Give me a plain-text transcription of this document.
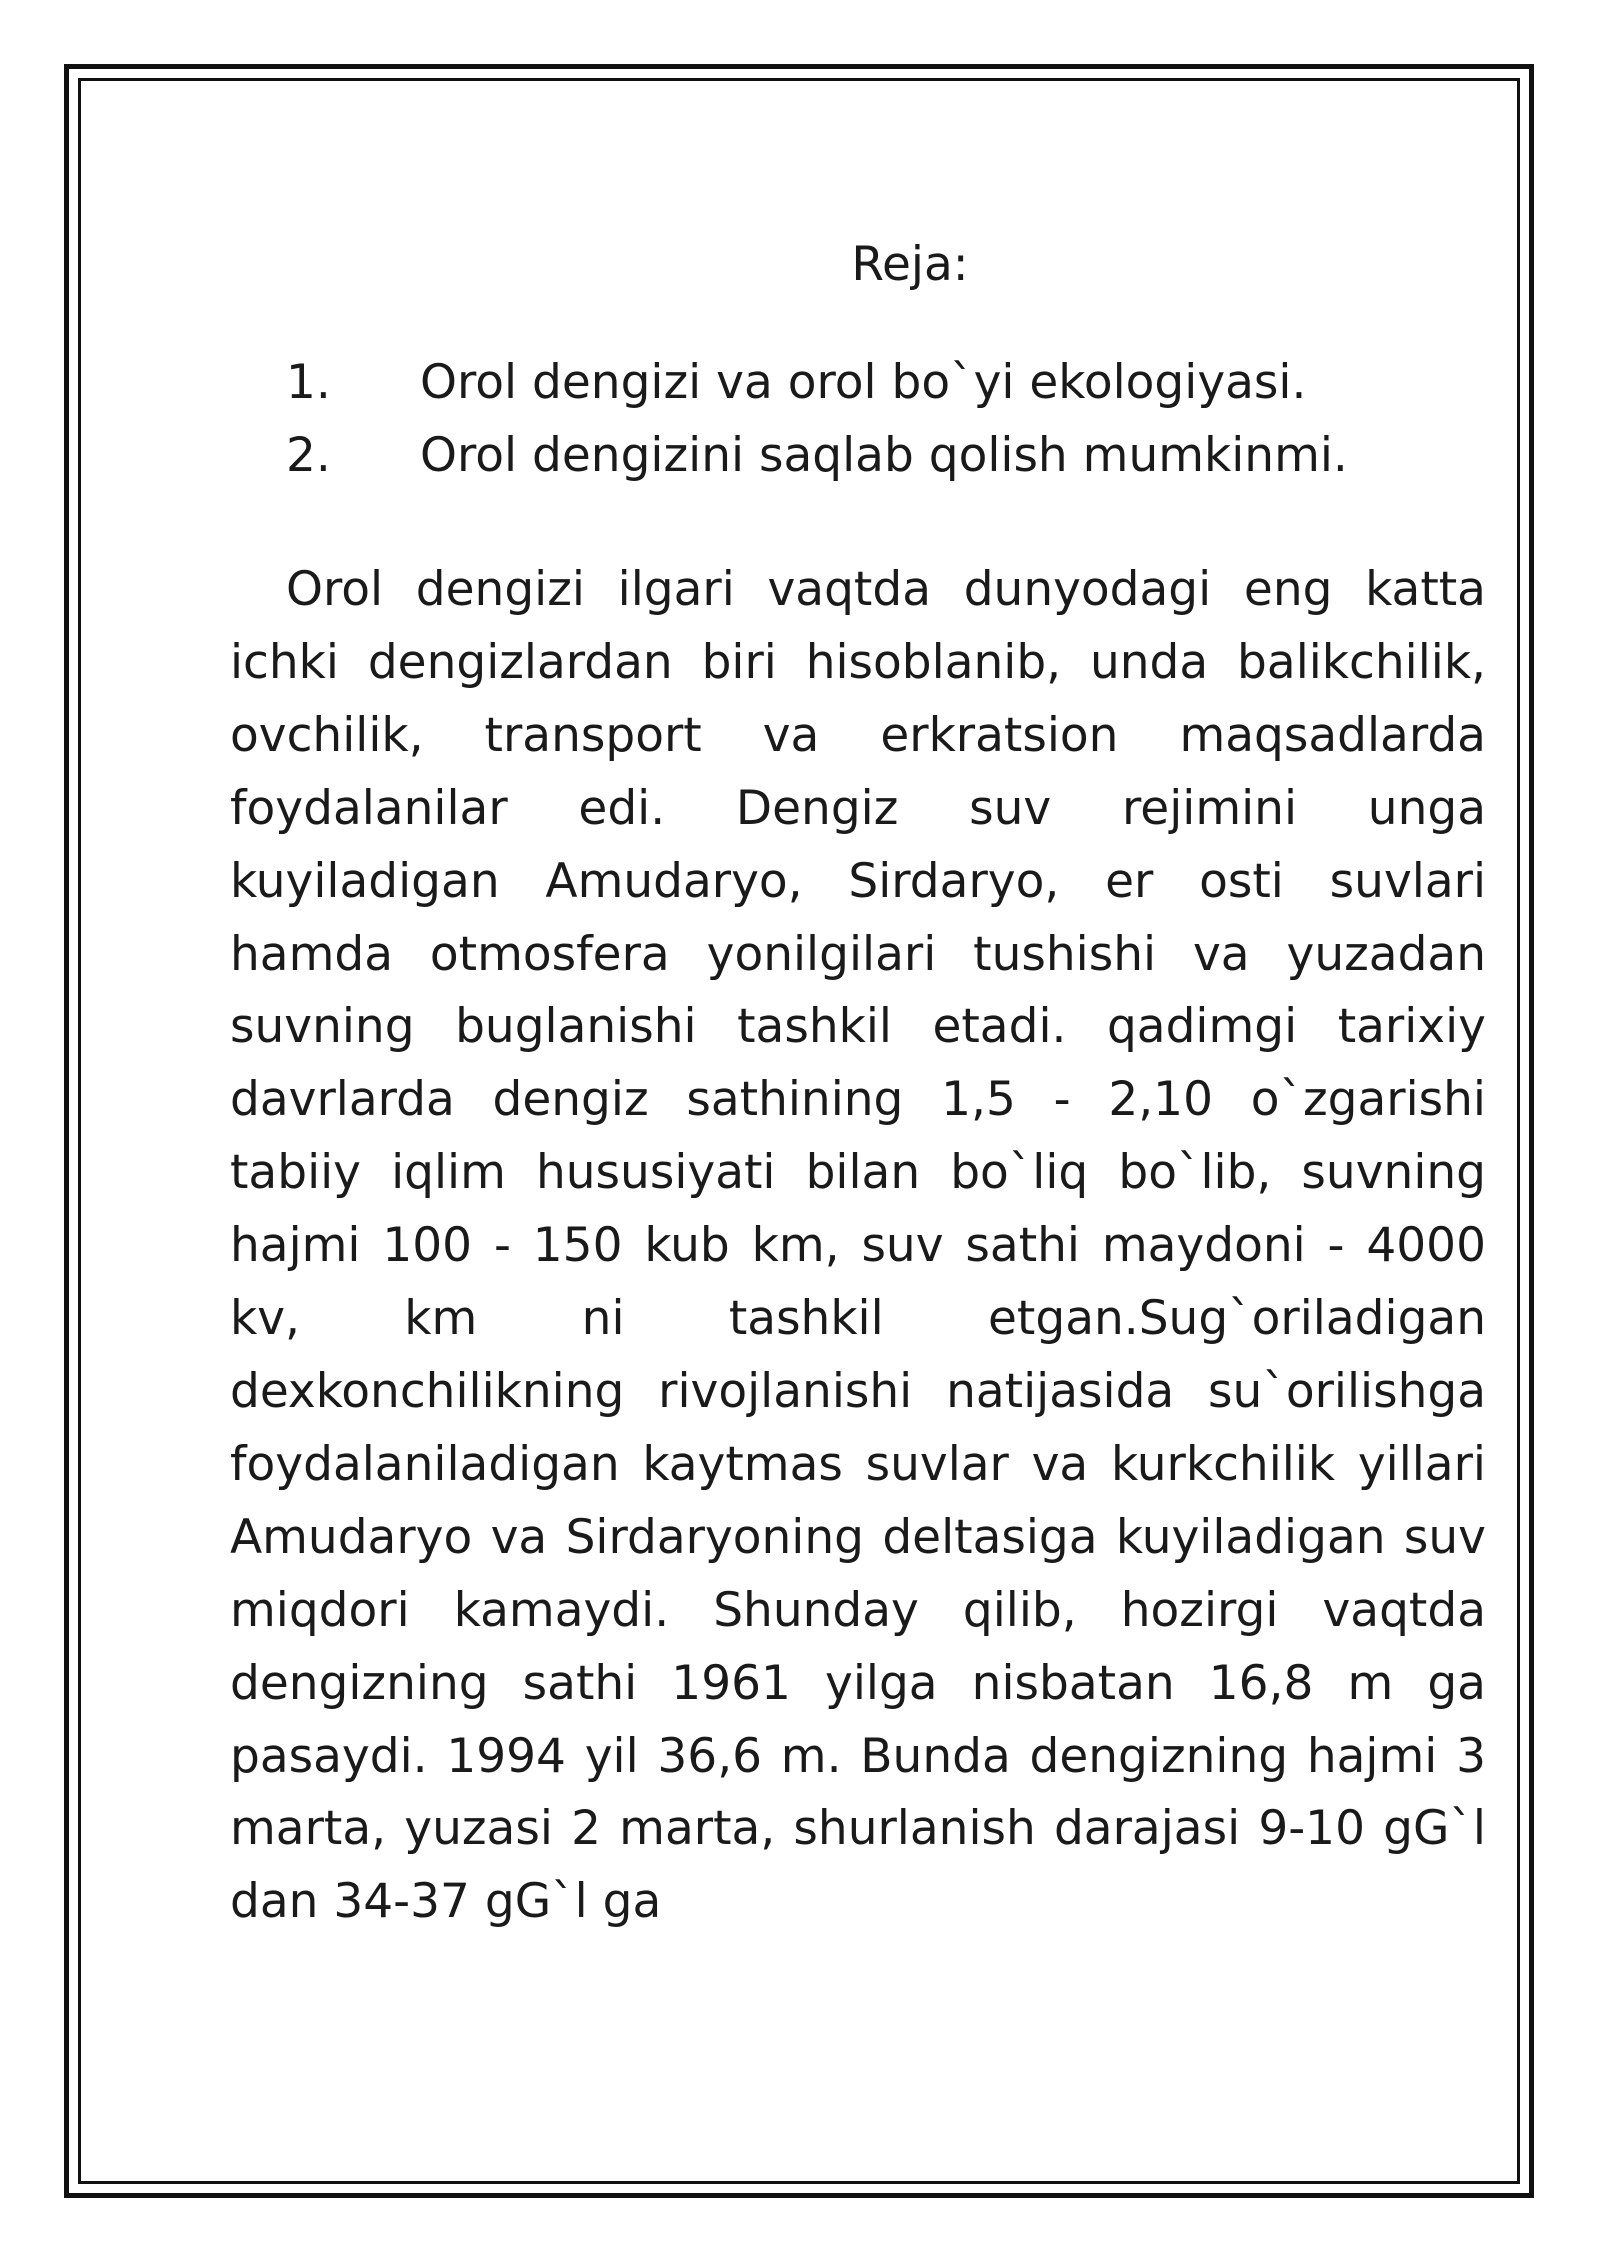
Reja:
1. Orol dengizi va orol bo`yi ekologiyasi.
2. Orol dengizini saqlab qolish mumkinmi.

Orol dengizi ilgari vaqtda dunyodagi eng katta ichki dengizlardan biri hisoblanib, unda balikchilik, ovchilik, transport va erkratsion maqsadlarda foydalanilar edi. Dengiz suv rejimini unga kuyiladigan Amudaryo, Sirdaryo, er osti suvlari hamda otmosfera yonilgilari tushishi va yuzadan suvning buglanishi tashkil etadi. qadimgi tarixiy davrlarda dengiz sathining 1,5 - 2,10 o`zgarishi tabiiy iqlim hususiyati bilan bo`liq bo`lib, suvning hajmi 100 - 150 kub km, suv sathi maydoni - 4000 kv, km ni tashkil etgan.Sug`oriladigan dexkonchilikning rivojlanishi natijasida su`orilishga foydalaniladigan kaytmas suvlar va kurkchilik yillari Amudaryo va Sirdaryoning deltasiga kuyiladigan suv miqdori kamaydi. Shunday qilib, hozirgi vaqtda dengizning sathi 1961 yilga nisbatan 16,8 m ga pasaydi. 1994 yil 36,6 m. Bunda dengizning hajmi 3 marta, yuzasi 2 marta, shurlanish darajasi 9-10 gG`l dan 34-37 gG`l ga
